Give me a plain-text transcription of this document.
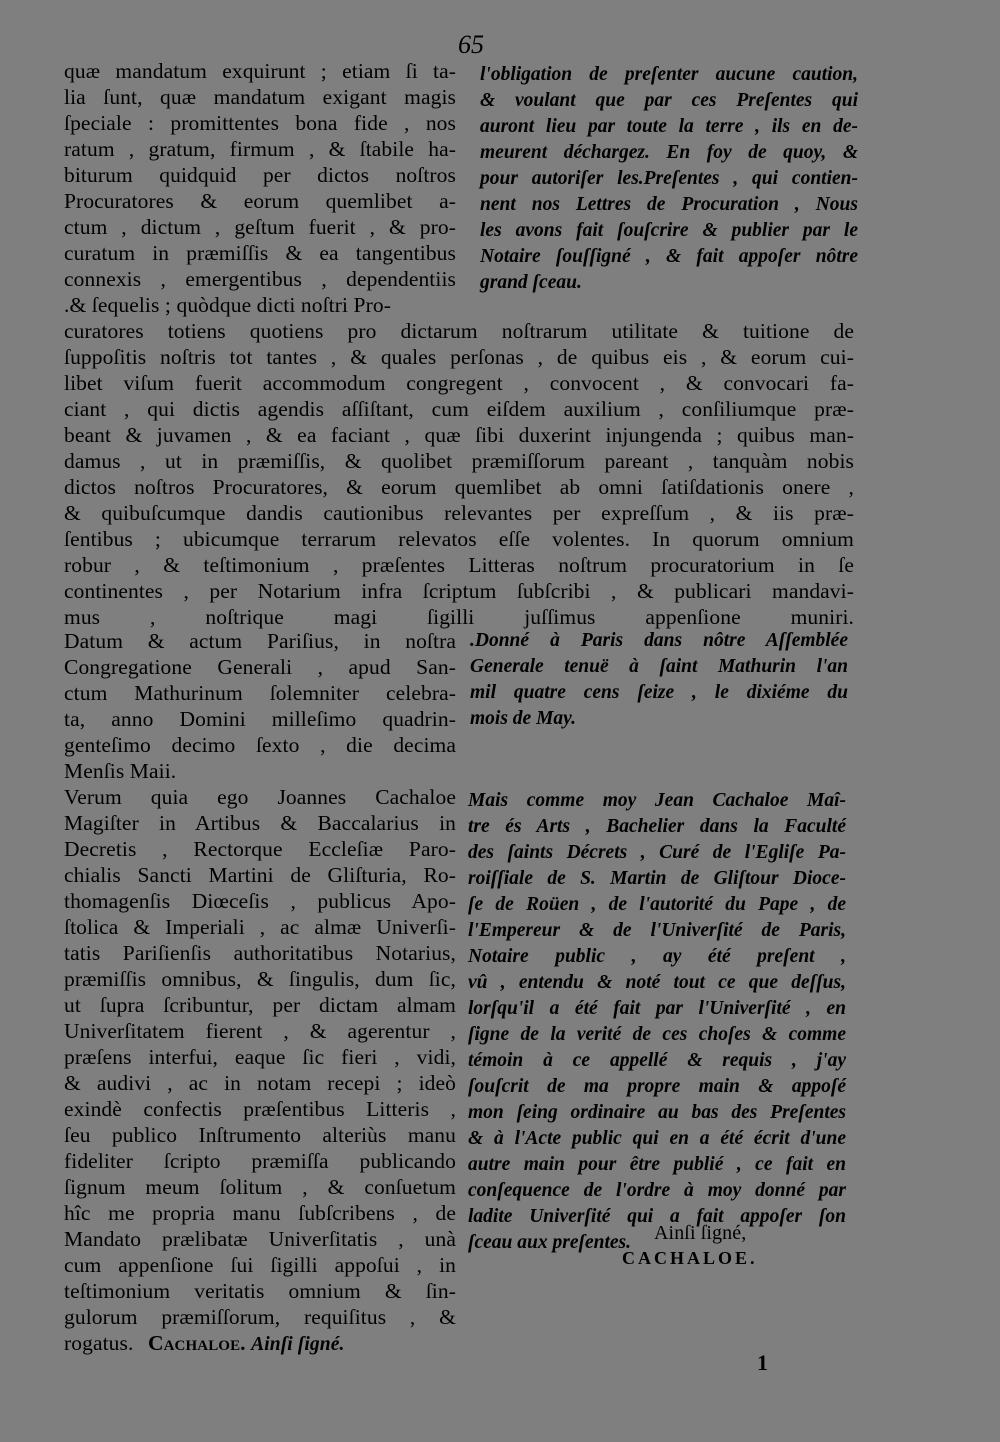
65
quæ mandatum exquirunt ; etiam ſi ta-
lia ſunt, quæ mandatum exigant magis
ſpeciale : promittentes bona fide , nos
ratum , gratum, firmum , & ſtabile ha-
biturum quidquid per dictos noſtros
Procuratores & eorum quemlibet a-
ctum , dictum , geſtum fuerit , & pro-
curatum in præmiſſis & ea tangentibus
connexis , emergentibus , dependentiis
.& ſequelis ; quòdque dicti noſtri Pro-
l'obligation de preſenter aucune caution,
& voulant que par ces Preſentes qui
auront lieu par toute la terre , ils en de-
meurent déchargez. En foy de quoy, &
pour autoriſer les.Preſentes , qui contien-
nent nos Lettres de Procuration , Nous
les avons fait ſouſcrire & publier par le
Notaire ſouſſigné , & fait appoſer nôtre
grand ſceau.
curatores totiens quotiens pro dictarum noſtrarum utilitate & tuitione de
ſuppoſitis noſtris tot tantes , & quales perſonas , de quibus eis , & eorum cui-
libet viſum fuerit accommodum congregent , convocent , & convocari fa-
ciant , qui dictis agendis aſſiſtant, cum eiſdem auxilium , conſiliumque præ-
beant & juvamen , & ea faciant , quæ ſibi duxerint injungenda ; quibus man-
damus , ut in præmiſſis, & quolibet præmiſſorum pareant , tanquàm nobis
dictos noſtros Procuratores, & eorum quemlibet ab omni ſatiſdationis onere ,
& quibuſcumque dandis cautionibus relevantes per expreſſum , & iis præ-
ſentibus ; ubicumque terrarum relevatos eſſe volentes. In quorum omnium
robur , & teſtimonium , præſentes Litteras noſtrum procuratorium in ſe
continentes , per Notarium infra ſcriptum ſubſcribi , & publicari mandavi-
mus , noſtrique magi ſigilli juſſimus appenſione muniri.
Datum & actum Pariſius, in noſtra
Congregatione Generali , apud San-
ctum Mathurinum ſolemniter celebra-
ta, anno Domini milleſimo quadrin-
genteſimo decimo ſexto , die decima
Menſis Maii.
.Donné à Paris dans nôtre Aſſemblée
Generale tenuë à ſaint Mathurin l'an
mil quatre cens ſeize , le dixiéme du
mois de May.
Verum quia ego Joannes Cachaloe
Magiſter in Artibus & Baccalarius in
Decretis , Rectorque Eccleſiæ Paro-
chialis Sancti Martini de Gliſturia, Ro-
thomagenſis Diœceſis , publicus Apo-
ſtolica & Imperiali , ac almæ Univerſi-
tatis Pariſienſis authoritatibus Notarius,
præmiſſis omnibus, & ſingulis, dum ſic,
ut ſupra ſcribuntur, per dictam almam
Univerſitatem fierent , & agerentur ,
præſens interfui, eaque ſic fieri , vidi,
& audivi , ac in notam recepi ; ideò
exindè confectis præſentibus Litteris ,
ſeu publico Inſtrumento alteriùs manu
fideliter ſcripto præmiſſa publicando
ſignum meum ſolitum , & conſuetum
hîc me propria manu ſubſcribens , de
Mandato prælibatæ Univerſitatis , unà
cum appenſione ſui ſigilli appoſui , in
teſtimonium veritatis omnium & ſin-
gulorum præmiſſorum, requiſitus , &
rogatus. Cachaloe. Ainſi ſigné.
Mais comme moy Jean Cachaloe Maî-
tre és Arts , Bachelier dans la Faculté
des ſaints Décrets , Curé de l'Egliſe Pa-
roiſſiale de S. Martin de Gliſtour Dioce-
ſe de Roüen , de l'autorité du Pape , de
l'Empereur & de l'Univerſité de Paris,
Notaire public , ay été preſent ,
vû , entendu & noté tout ce que deſſus,
lorſqu'il a été fait par l'Univerſité , en
ſigne de la verité de ces choſes & comme
témoin à ce appellé & requis , j'ay
ſouſcrit de ma propre main & appoſé
mon ſeing ordinaire au bas des Preſentes
& à l'Acte public qui en a été écrit d'une
autre main pour être publié , ce fait en
conſequence de l'ordre à moy donné par
ladite Univerſité qui a fait appoſer ſon
ſceau aux preſentes.	Ainſi ſigné,
CACHALOE.
1
